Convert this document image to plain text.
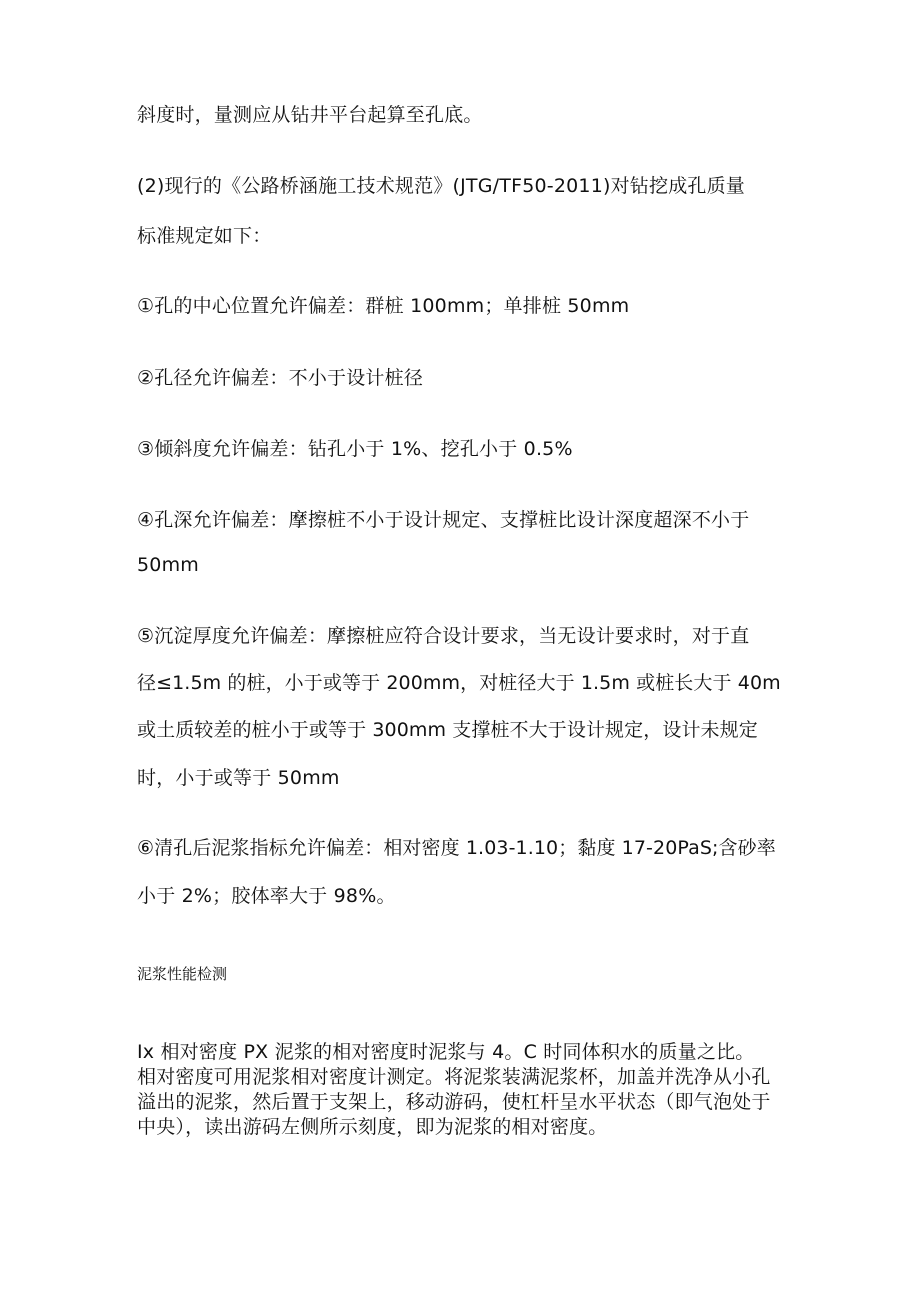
斜度时，量测应从钻井平台起算至孔底。

(2)现行的《公路桥涵施工技术规范》(JTG/TF50-2011)对钻挖成孔质量

标准规定如下：

①孔的中心位置允许偏差：群桩 100mm；单排桩 50mm

②孔径允许偏差：不小于设计桩径

③倾斜度允许偏差：钻孔小于 1%、挖孔小于 0.5%

④孔深允许偏差：摩擦桩不小于设计规定、支撑桩比设计深度超深不小于

50mm

⑤沉淀厚度允许偏差：摩擦桩应符合设计要求，当无设计要求时，对于直

径≤1.5m 的桩，小于或等于 200mm，对桩径大于 1.5m 或桩长大于 40m

或土质较差的桩小于或等于 300mm 支撑桩不大于设计规定，设计未规定

时，小于或等于 50mm

⑥清孔后泥浆指标允许偏差：相对密度 1.03-1.10；黏度 17-20PaS;含砂率

小于 2%；胶体率大于 98%。

泥浆性能检测

Ix 相对密度 PX 泥浆的相对密度时泥浆与 4。C 时同体积水的质量之比。

相对密度可用泥浆相对密度计测定。将泥浆装满泥浆杯，加盖并洗净从小孔

溢出的泥浆，然后置于支架上，移动游码，使杠杆呈水平状态（即气泡处于

中央），读出游码左侧所示刻度，即为泥浆的相对密度。
